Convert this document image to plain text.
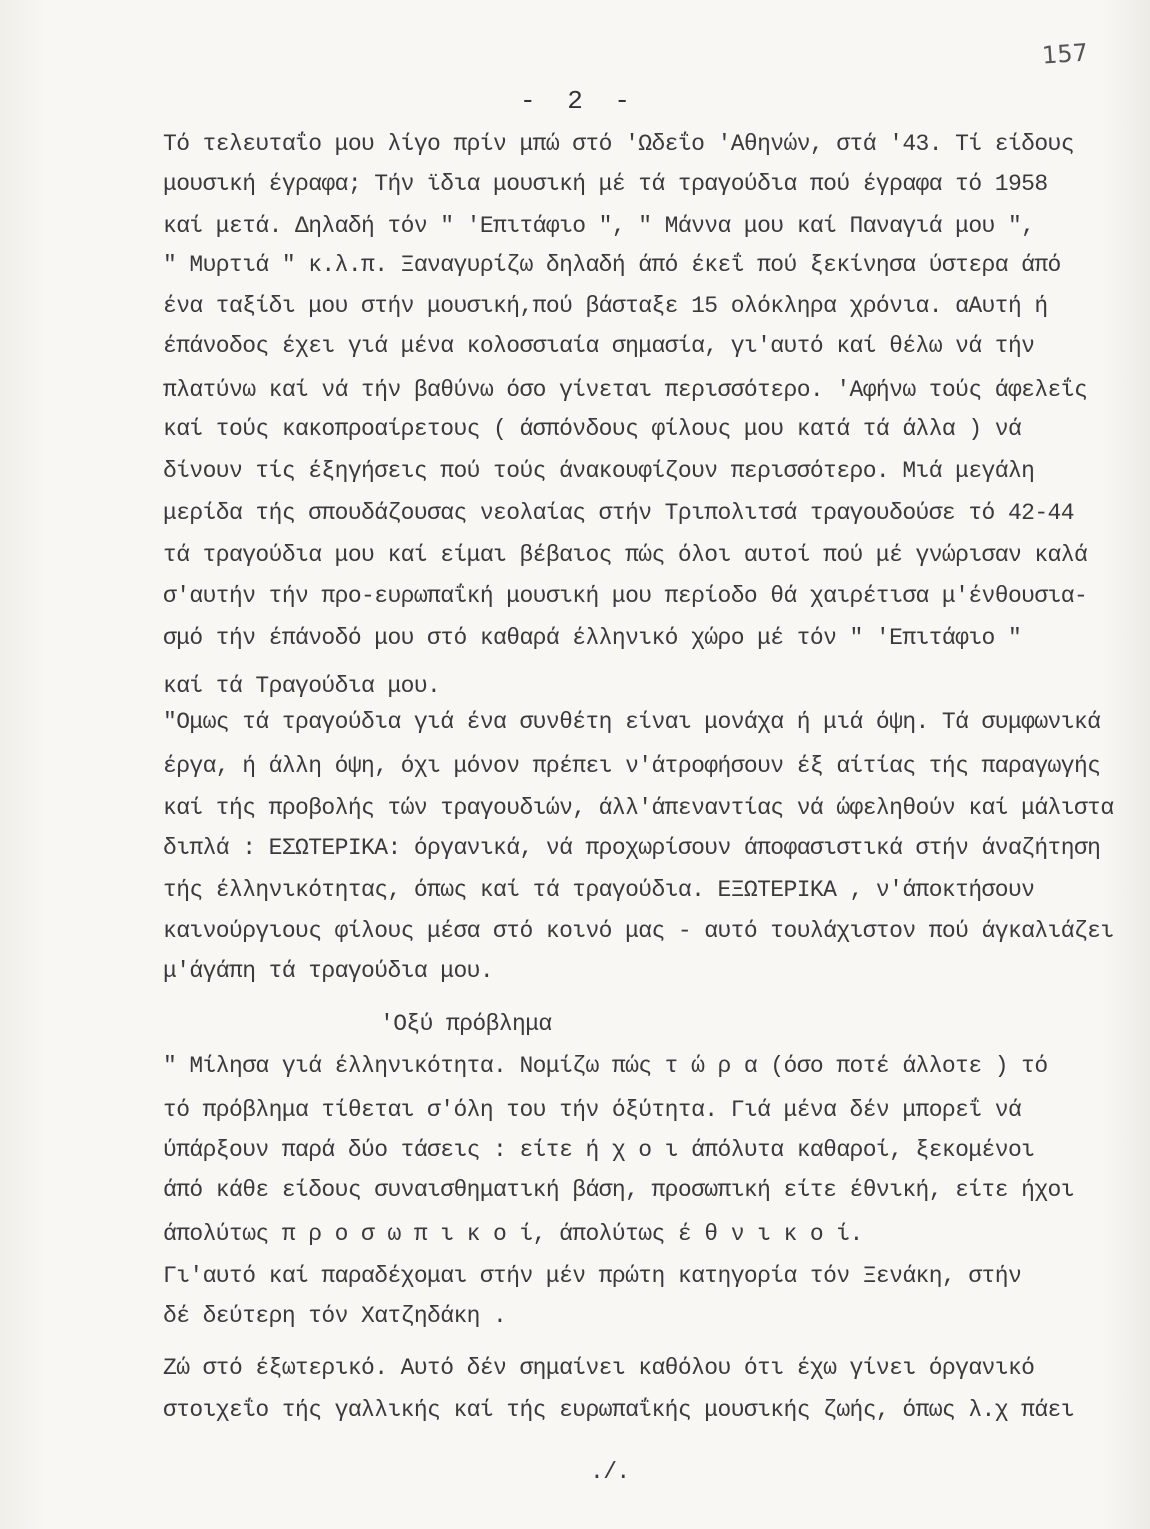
157
- 2 -
Τό τελευταΐο μου λίγο πρίν μπώ στό 'Ωδεΐο 'Αθηνών, στά '43. Τί είδους
μουσική έγραφα; Τήν ϊδια μουσική μέ τά τραγούδια πού έγραφα τό 1958
καί μετά. Δηλαδή τόν " 'Επιτάφιο ", " Μάννα μου καί Παναγιά μου ",
" Μυρτιά " κ.λ.π. Ξαναγυρίζω δηλαδή άπό έκεΐ πού ξεκίνησα ύστερα άπό
ένα ταξίδι μου στήν μουσική,πού βάσταξε 15 ολόκληρα χρόνια. αΑυτή ή
έπάνοδος έχει γιά μένα κολοσσιαία σημασία, γι'αυτό καί θέλω νά τήν
πλατύνω καί νά τήν βαθύνω όσο γίνεται περισσότερο. 'Αφήνω τούς άφελεΐς
καί τούς κακοπροαίρετους ( άσπόνδους φίλους μου κατά τά άλλα ) νά
δίνουν τίς έξηγήσεις πού τούς άνακουφίζουν περισσότερο. Μιά μεγάλη
μερίδα τής σπουδάζουσας νεολαίας στήν Τριπολιτσά τραγουδούσε τό 42-44
τά τραγούδια μου καί είμαι βέβαιος πώς όλοι αυτοί πού μέ γνώρισαν καλά
σ'αυτήν τήν προ-ευρωπαΐκή μουσική μου περίοδο θά χαιρέτισα μ'ένθουσια-
σμό τήν έπάνοδό μου στό καθαρά έλληνικό χώρο μέ τόν " 'Επιτάφιο "
καί τά Τραγούδια μου.
"Ομως τά τραγούδια γιά ένα συνθέτη είναι μονάχα ή μιά όψη. Τά συμφωνικά
έργα, ή άλλη όψη, όχι μόνον πρέπει ν'άτροφήσουν έξ αίτίας τής παραγωγής
καί τής προβολής τών τραγουδιών, άλλ'άπεναντίας νά ώφεληθούν καί μάλιστα
διπλά : ΕΣΩΤΕΡΙΚΑ: όργανικά, νά προχωρίσουν άποφασιστικά στήν άναζήτηση
τής έλληνικότητας, όπως καί τά τραγούδια. ΕΞΩΤΕΡΙΚΑ , ν'άποκτήσουν
καινούργιους φίλους μέσα στό κοινό μας - αυτό τουλάχιστον πού άγκαλιάζει
μ'άγάπη τά τραγούδια μου.
'Οξύ πρόβλημα
" Μίλησα γιά έλληνικότητα. Νομίζω πώς τ ώ ρ α (όσο ποτέ άλλοτε ) τό
τό πρόβλημα τίθεται σ'όλη του τήν όξύτητα. Γιά μένα δέν μπορεΐ νά
ύπάρξουν παρά δύο τάσεις : είτε ή χ ο ι άπόλυτα καθαροί, ξεκομένοι
άπό κάθε είδους συναισθηματική βάση, προσωπική είτε έθνική, είτε ήχοι
άπολύτως π ρ ο σ ω π ι κ ο ί, άπολύτως έ θ ν ι κ ο ί.
Γι'αυτό καί παραδέχομαι στήν μέν πρώτη κατηγορία τόν Ξενάκη, στήν
δέ δεύτερη τόν Χατζηδάκη .
Ζώ στό έξωτερικό. Αυτό δέν σημαίνει καθόλου ότι έχω γίνει όργανικό
στοιχεΐο τής γαλλικής καί τής ευρωπαΐκής μουσικής ζωής, όπως λ.χ πάει
./.
